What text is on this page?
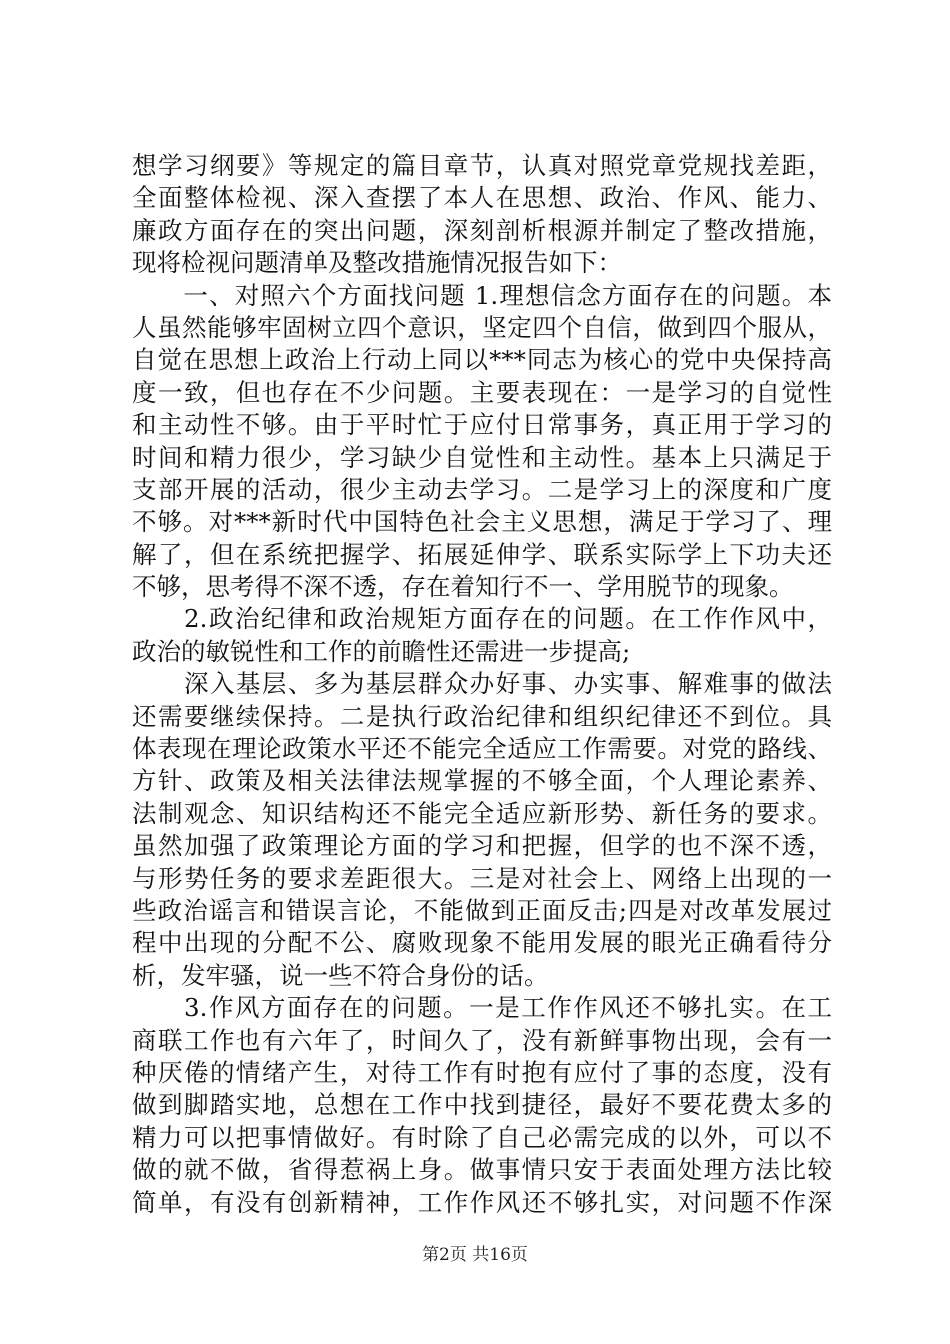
想学习纲要》等规定的篇目章节，认真对照党章党规找差距，
全面整体检视、深入查摆了本人在思想、政治、作风、能力、
廉政方面存在的突出问题，深刻剖析根源并制定了整改措施，
现将检视问题清单及整改措施情况报告如下：
　　一、对照六个方面找问题 1.理想信念方面存在的问题。本
人虽然能够牢固树立四个意识，坚定四个自信，做到四个服从，
自觉在思想上政治上行动上同以***同志为核心的党中央保持高
度一致，但也存在不少问题。主要表现在：一是学习的自觉性
和主动性不够。由于平时忙于应付日常事务，真正用于学习的
时间和精力很少，学习缺少自觉性和主动性。基本上只满足于
支部开展的活动，很少主动去学习。二是学习上的深度和广度
不够。对***新时代中国特色社会主义思想，满足于学习了、理
解了，但在系统把握学、拓展延伸学、联系实际学上下功夫还
不够，思考得不深不透，存在着知行不一、学用脱节的现象。
　　2.政治纪律和政治规矩方面存在的问题。在工作作风中，
政治的敏锐性和工作的前瞻性还需进一步提高;
　　深入基层、多为基层群众办好事、办实事、解难事的做法
还需要继续保持。二是执行政治纪律和组织纪律还不到位。具
体表现在理论政策水平还不能完全适应工作需要。对党的路线、
方针、政策及相关法律法规掌握的不够全面，个人理论素养、
法制观念、知识结构还不能完全适应新形势、新任务的要求。
虽然加强了政策理论方面的学习和把握，但学的也不深不透，
与形势任务的要求差距很大。三是对社会上、网络上出现的一
些政治谣言和错误言论，不能做到正面反击;四是对改革发展过
程中出现的分配不公、腐败现象不能用发展的眼光正确看待分
析，发牢骚，说一些不符合身份的话。
　　3.作风方面存在的问题。一是工作作风还不够扎实。在工
商联工作也有六年了，时间久了，没有新鲜事物出现，会有一
种厌倦的情绪产生，对待工作有时抱有应付了事的态度，没有
做到脚踏实地，总想在工作中找到捷径，最好不要花费太多的
精力可以把事情做好。有时除了自己必需完成的以外，可以不
做的就不做，省得惹祸上身。做事情只安于表面处理方法比较
简单，有没有创新精神，工作作风还不够扎实，对问题不作深
第2页 共16页
